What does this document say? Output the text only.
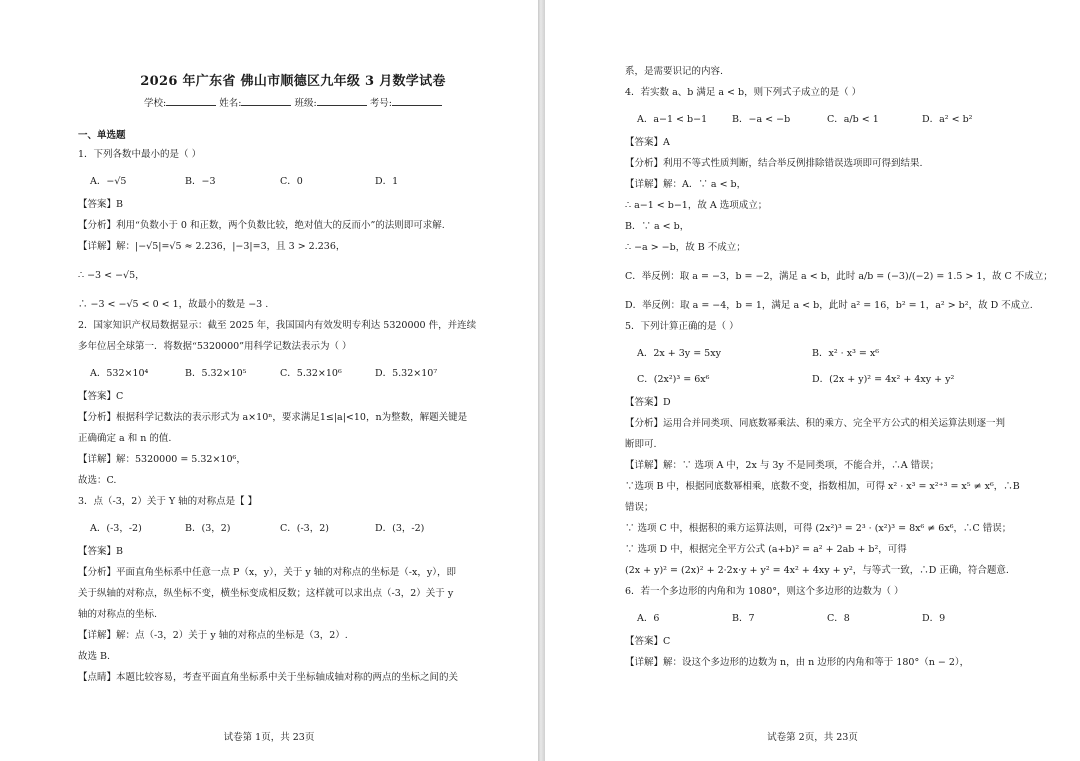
2026 年广东省 佛山市顺德区九年级 3 月数学试卷
学校:	姓名:	班级:	考号:
一、单选题
1．下列各数中最小的是（ ）
A．−√5	B．−3	C．0	D．1
【答案】B
【分析】利用“负数小于 0 和正数，两个负数比较，绝对值大的反而小”的法则即可求解.
【详解】解：|−√5|=√5 ≈ 2.236，|−3|=3，且 3 > 2.236，
∴ −3 < −√5，
∴ −3 < −√5 < 0 < 1，故最小的数是 −3 .
2．国家知识产权局数据显示：截至 2025 年，我国国内有效发明专利达 5320000 件，并连续
多年位居全球第一．将数据“5320000”用科学记数法表示为（ ）
A．532×10⁴	B．5.32×10⁵	C．5.32×10⁶	D．5.32×10⁷
【答案】C
【分析】根据科学记数法的表示形式为 a×10ⁿ，要求满足1≤|a|<10，n为整数，解题关键是
正确确定 a 和 n 的值.
【详解】解：5320000 = 5.32×10⁶，
故选：C.
3．点（-3，2）关于 Y 轴的对称点是【 】
A．(-3，-2)	B．(3，2)	C．(-3，2)	D．(3，-2)
【答案】B
【分析】平面直角坐标系中任意一点 P（x，y），关于 y 轴的对称点的坐标是（-x，y），即
关于纵轴的对称点，纵坐标不变，横坐标变成相反数；这样就可以求出点（-3，2）关于 y
轴的对称点的坐标.
【详解】解：点（-3，2）关于 y 轴的对称点的坐标是（3，2）.
故选 B.
【点睛】本题比较容易，考查平面直角坐标系中关于坐标轴成轴对称的两点的坐标之间的关
试卷第 1页，共 23页
系，是需要识记的内容.
4．若实数 a、b 满足 a < b，则下列式子成立的是（ ）
A．a−1 < b−1	B．−a < −b	C．a/b < 1	D．a² < b²
【答案】A
【分析】利用不等式性质判断，结合举反例排除错误选项即可得到结果.
【详解】解：A．∵ a < b，
∴ a−1 < b−1，故 A 选项成立；
B．∵ a < b，
∴ −a > −b，故 B 不成立；
C．举反例：取 a = −3，b = −2，满足 a < b，此时 a/b = (−3)/(−2) = 1.5 > 1，故 C 不成立；
D．举反例：取 a = −4，b = 1，满足 a < b，此时 a² = 16，b² = 1，a² > b²，故 D 不成立.
5．下列计算正确的是（ ）
A．2x + 3y = 5xy	B．x² · x³ = x⁶
C．(2x²)³ = 6x⁶	D．(2x + y)² = 4x² + 4xy + y²
【答案】D
【分析】运用合并同类项、同底数幂乘法、积的乘方、完全平方公式的相关运算法则逐一判
断即可.
【详解】解：∵ 选项 A 中，2x 与 3y 不是同类项，不能合并，∴A 错误；
∵选项 B 中，根据同底数幂相乘，底数不变，指数相加，可得 x² · x³ = x²⁺³ = x⁵ ≠ x⁶，∴B
错误；
∵ 选项 C 中，根据积的乘方运算法则，可得 (2x²)³ = 2³ · (x²)³ = 8x⁶ ≠ 6x⁶，∴C 错误；
∵ 选项 D 中，根据完全平方公式 (a+b)² = a² + 2ab + b²，可得
(2x + y)² = (2x)² + 2·2x·y + y² = 4x² + 4xy + y²，与等式一致，∴D 正确，符合题意.
6．若一个多边形的内角和为 1080°，则这个多边形的边数为（ ）
A．6	B．7	C．8	D．9
【答案】C
【详解】解：设这个多边形的边数为 n，由 n 边形的内角和等于 180°（n − 2），
试卷第 2页，共 23页
